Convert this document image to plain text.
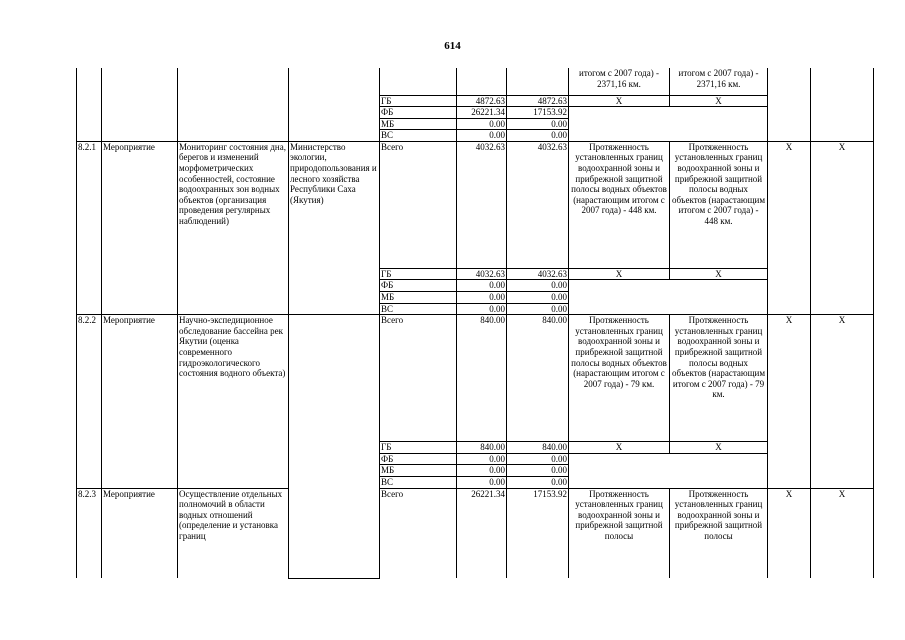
614
							итогом с 2007 года) - 2371,16 км.	итогом с 2007 года) - 2371,16 км.		
				ГБ	4872.63	4872.63	X	X		
				ФБ	26221.34	17153.92				
				МБ	0.00	0.00				
				ВС	0.00	0.00				
8.2.1	Мероприятие	Мониторинг состояния дна, берегов и изменений морфометрических особенностей, состояние водоохранных зон водных объектов (организация проведения регулярных наблюдений)	Министерство экологии, природопользования и лесного хозяйства Республики Саха (Якутия)	Всего	4032.63	4032.63	Протяженность установленных границ водоохранной зоны и прибрежной защитной полосы водных объектов (нарастающим итогом с 2007 года) - 448 км.	Протяженность установленных границ водоохранной зоны и прибрежной защитной полосы водных объектов (нарастающим итогом с 2007 года) - 448 км.	X	X
				ГБ	4032.63	4032.63	X	X		
				ФБ	0.00	0.00				
				МБ	0.00	0.00				
				ВС	0.00	0.00				
8.2.2	Мероприятие	Научно-экспедиционное обследование бассейна рек Якутии (оценка современного гидроэкологического состояния водного объекта)		Всего	840.00	840.00	Протяженность установленных границ водоохранной зоны и прибрежной защитной полосы водных объектов (нарастающим итогом с 2007 года) - 79 км.	Протяженность установленных границ водоохранной зоны и прибрежной защитной полосы водных объектов (нарастающим итогом с 2007 года) - 79 км.	X	X
				ГБ	840.00	840.00	X	X		
				ФБ	0.00	0.00				
				МБ	0.00	0.00				
				ВС	0.00	0.00				
8.2.3	Мероприятие	Осуществление отдельных полномочий в области водных отношений (определение и установка границ		Всего	26221.34	17153.92	Протяженность установленных границ водоохранной зоны и прибрежной защитной полосы	Протяженность установленных границ водоохранной зоны и прибрежной защитной полосы	X	X
